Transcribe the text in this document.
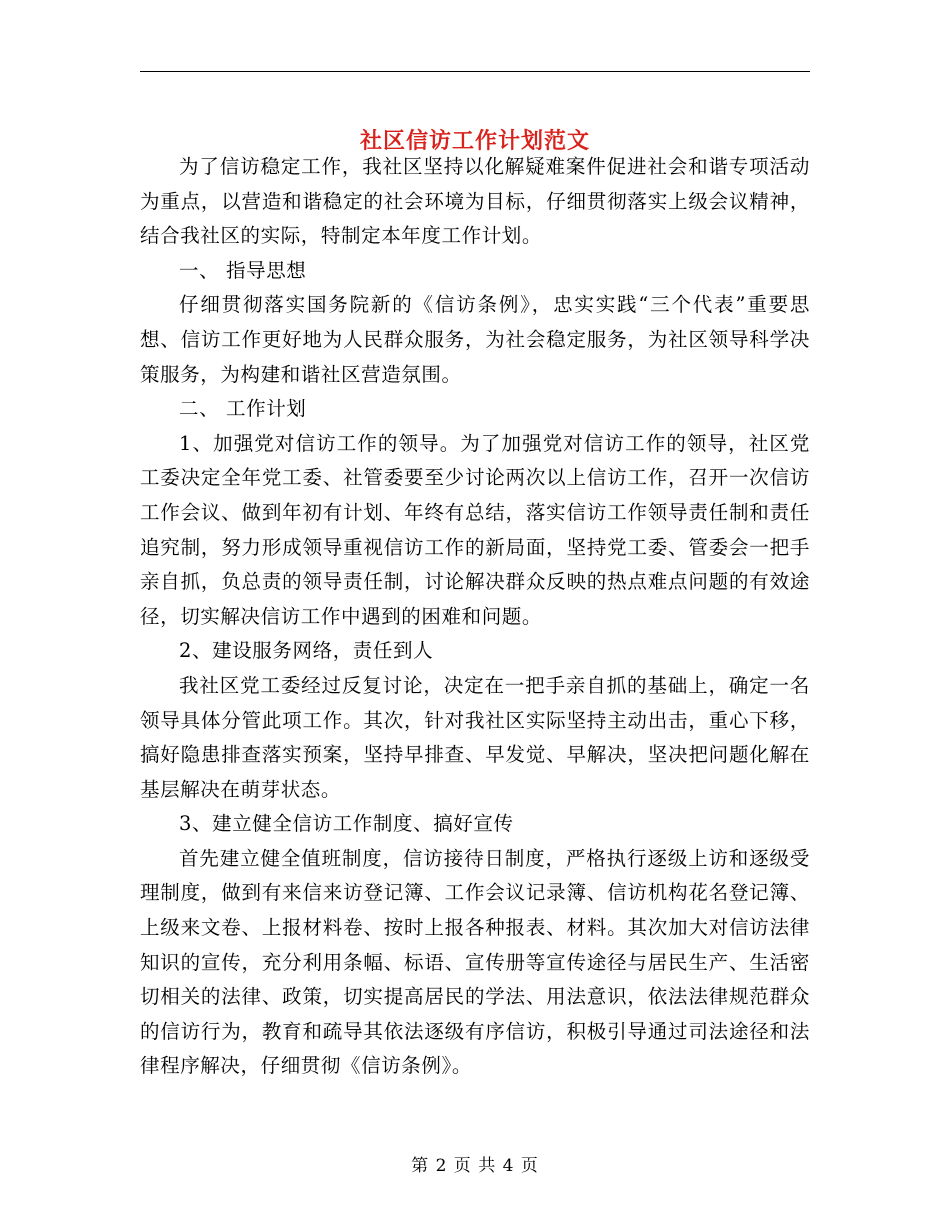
社区信访工作计划范文

为了信访稳定工作，我社区坚持以化解疑难案件促进社会和谐专项活动为重点，以营造和谐稳定的社会环境为目标，仔细贯彻落实上级会议精神，结合我社区的实际，特制定本年度工作计划。

一、 指导思想

仔细贯彻落实国务院新的《信访条例》，忠实实践“三个代表”重要思想、信访工作更好地为人民群众服务，为社会稳定服务，为社区领导科学决策服务，为构建和谐社区营造氛围。

二、 工作计划

1、加强党对信访工作的领导。为了加强党对信访工作的领导，社区党工委决定全年党工委、社管委要至少讨论两次以上信访工作，召开一次信访工作会议、做到年初有计划、年终有总结，落实信访工作领导责任制和责任追究制，努力形成领导重视信访工作的新局面，坚持党工委、管委会一把手亲自抓，负总责的领导责任制，讨论解决群众反映的热点难点问题的有效途径，切实解决信访工作中遇到的困难和问题。

2、建设服务网络，责任到人

我社区党工委经过反复讨论，决定在一把手亲自抓的基础上，确定一名领导具体分管此项工作。其次，针对我社区实际坚持主动出击，重心下移，搞好隐患排查落实预案，坚持早排查、早发觉、早解决，坚决把问题化解在基层解决在萌芽状态。

3、建立健全信访工作制度、搞好宣传

首先建立健全值班制度，信访接待日制度，严格执行逐级上访和逐级受理制度，做到有来信来访登记簿、工作会议记录簿、信访机构花名登记簿、上级来文卷、上报材料卷、按时上报各种报表、材料。其次加大对信访法律知识的宣传，充分利用条幅、标语、宣传册等宣传途径与居民生产、生活密切相关的法律、政策，切实提高居民的学法、用法意识，依法法律规范群众的信访行为，教育和疏导其依法逐级有序信访，积极引导通过司法途径和法律程序解决，仔细贯彻《信访条例》。

第 2 页 共 4 页
